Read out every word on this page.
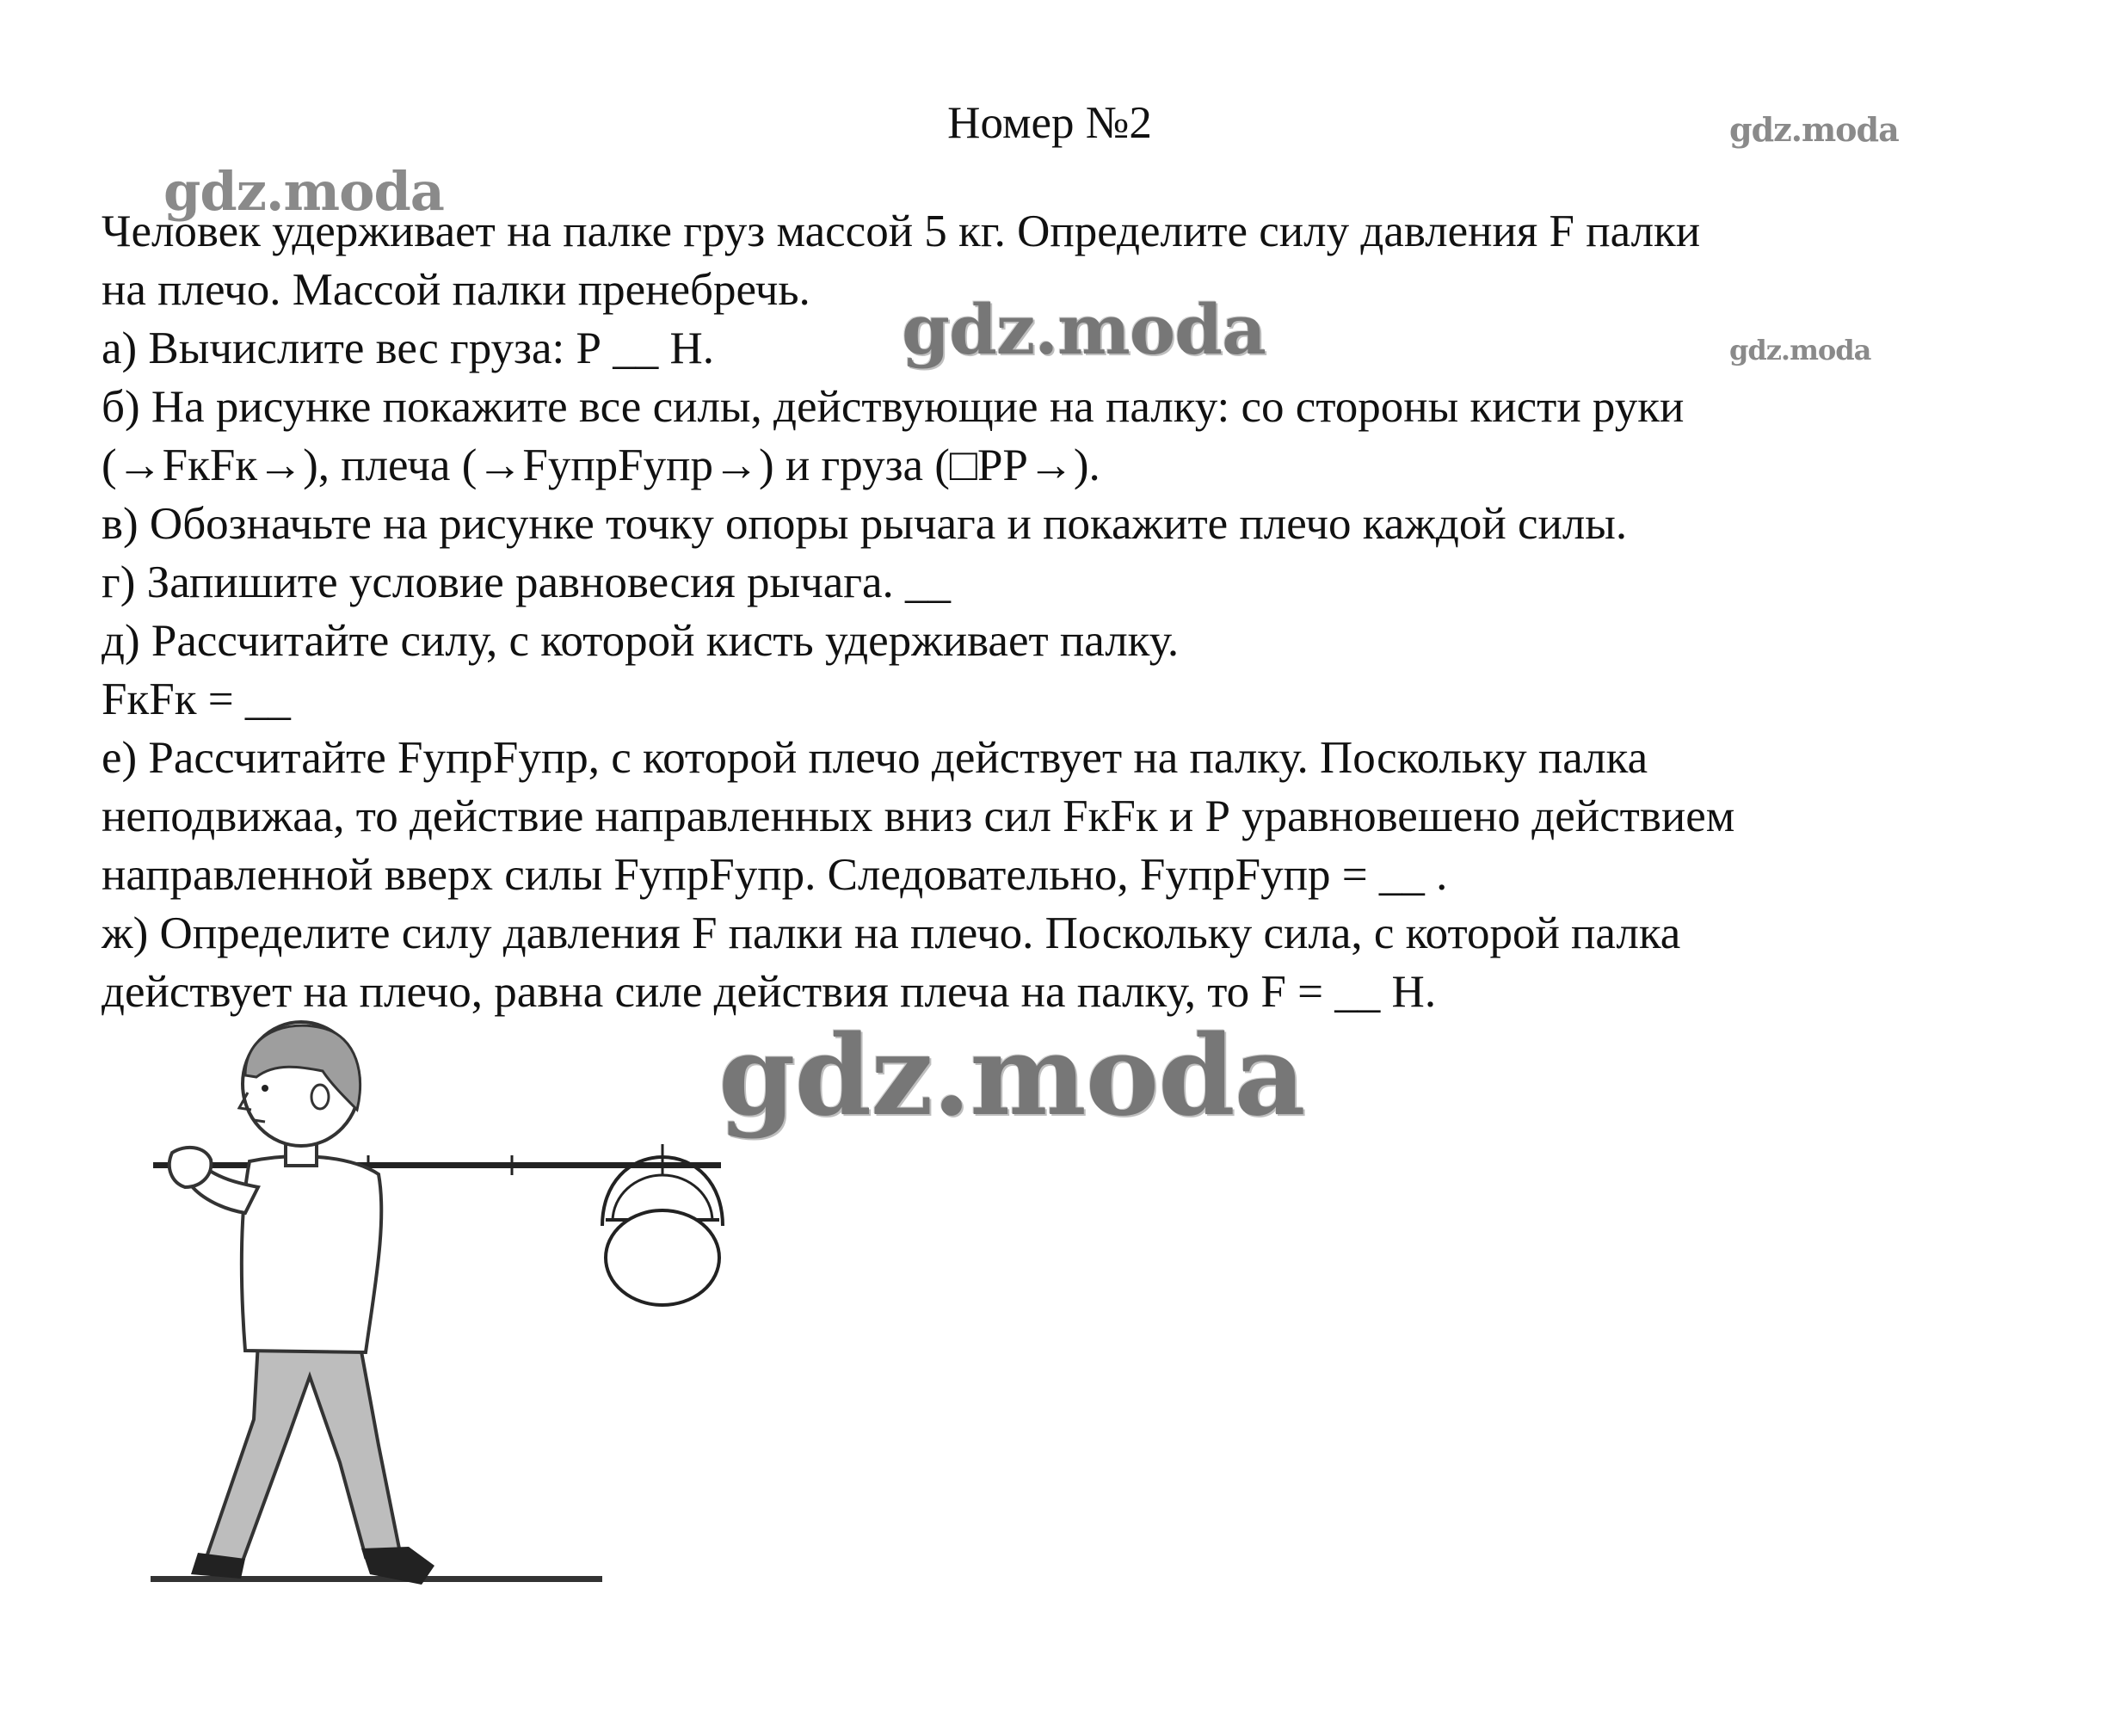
Номер №2
Человек удерживает на палке груз массой 5 кг. Определите силу давления F палки
на плечо. Массой палки пренебречь.
а) Вычислите вес груза: Р __ Н.
б) На рисунке покажите все силы, действующие на палку: со стороны кисти руки
(→FкFк→), плеча (→FупрFупр→) и груза (□PP→).
в) Обозначьте на рисунке точку опоры рычага и покажите плечо каждой силы.
г) Запишите условие равновесия рычага. __
д) Рассчитайте силу, с которой кисть удерживает палку.
FкFк = __
е) Рассчитайте FупрFупр, с которой плечо действует на палку. Поскольку палка
неподвижаа, то действие направленных вниз сил FкFк и Р уравновешено действием
направленной вверх силы FупрFупр. Следовательно, FупрFупр = __ .
ж) Определите силу давления F палки на плечо. Поскольку сила, с которой палка
действует на плечо, равна силе действия плеча на палку, то F = __ Н.
gdz.moda
gdz.moda
gdz.moda	gdz.moda
gdz.moda
